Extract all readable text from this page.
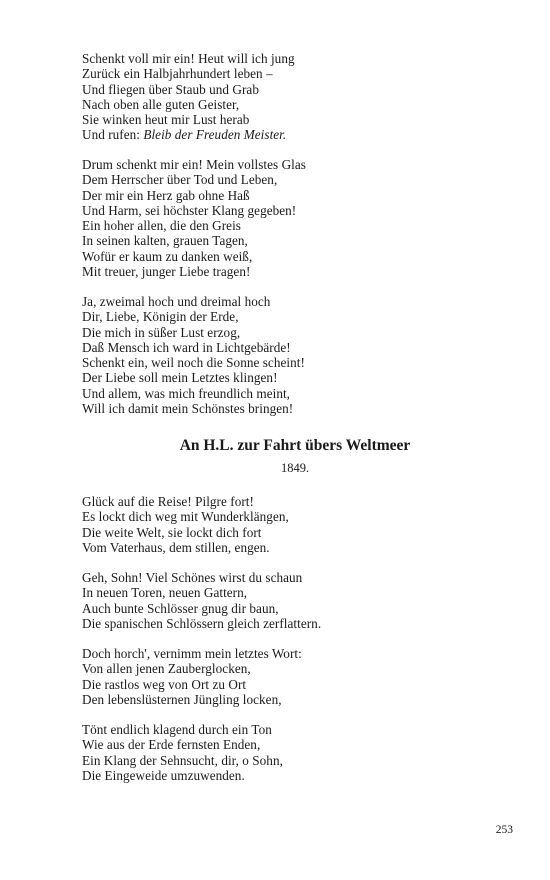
Schenkt voll mir ein! Heut will ich jung
Zurück ein Halbjahrhundert leben –
Und fliegen über Staub und Grab
Nach oben alle guten Geister,
Sie winken heut mir Lust herab
Und rufen: Bleib der Freuden Meister.
Drum schenkt mir ein! Mein vollstes Glas
Dem Herrscher über Tod und Leben,
Der mir ein Herz gab ohne Haß
Und Harm, sei höchster Klang gegeben!
Ein hoher allen, die den Greis
In seinen kalten, grauen Tagen,
Wofür er kaum zu danken weiß,
Mit treuer, junger Liebe tragen!
Ja, zweimal hoch und dreimal hoch
Dir, Liebe, Königin der Erde,
Die mich in süßer Lust erzog,
Daß Mensch ich ward in Lichtgebärde!
Schenkt ein, weil noch die Sonne scheint!
Der Liebe soll mein Letztes klingen!
Und allem, was mich freundlich meint,
Will ich damit mein Schönstes bringen!
An H.L. zur Fahrt übers Weltmeer
1849.
Glück auf die Reise! Pilgre fort!
Es lockt dich weg mit Wunderklängen,
Die weite Welt, sie lockt dich fort
Vom Vaterhaus, dem stillen, engen.
Geh, Sohn! Viel Schönes wirst du schaun
In neuen Toren, neuen Gattern,
Auch bunte Schlösser gnug dir baun,
Die spanischen Schlössern gleich zerflattern.
Doch horch', vernimm mein letztes Wort:
Von allen jenen Zauberglocken,
Die rastlos weg von Ort zu Ort
Den lebenslüsternen Jüngling locken,
Tönt endlich klagend durch ein Ton
Wie aus der Erde fernsten Enden,
Ein Klang der Sehnsucht, dir, o Sohn,
Die Eingeweide umzuwenden.
253
